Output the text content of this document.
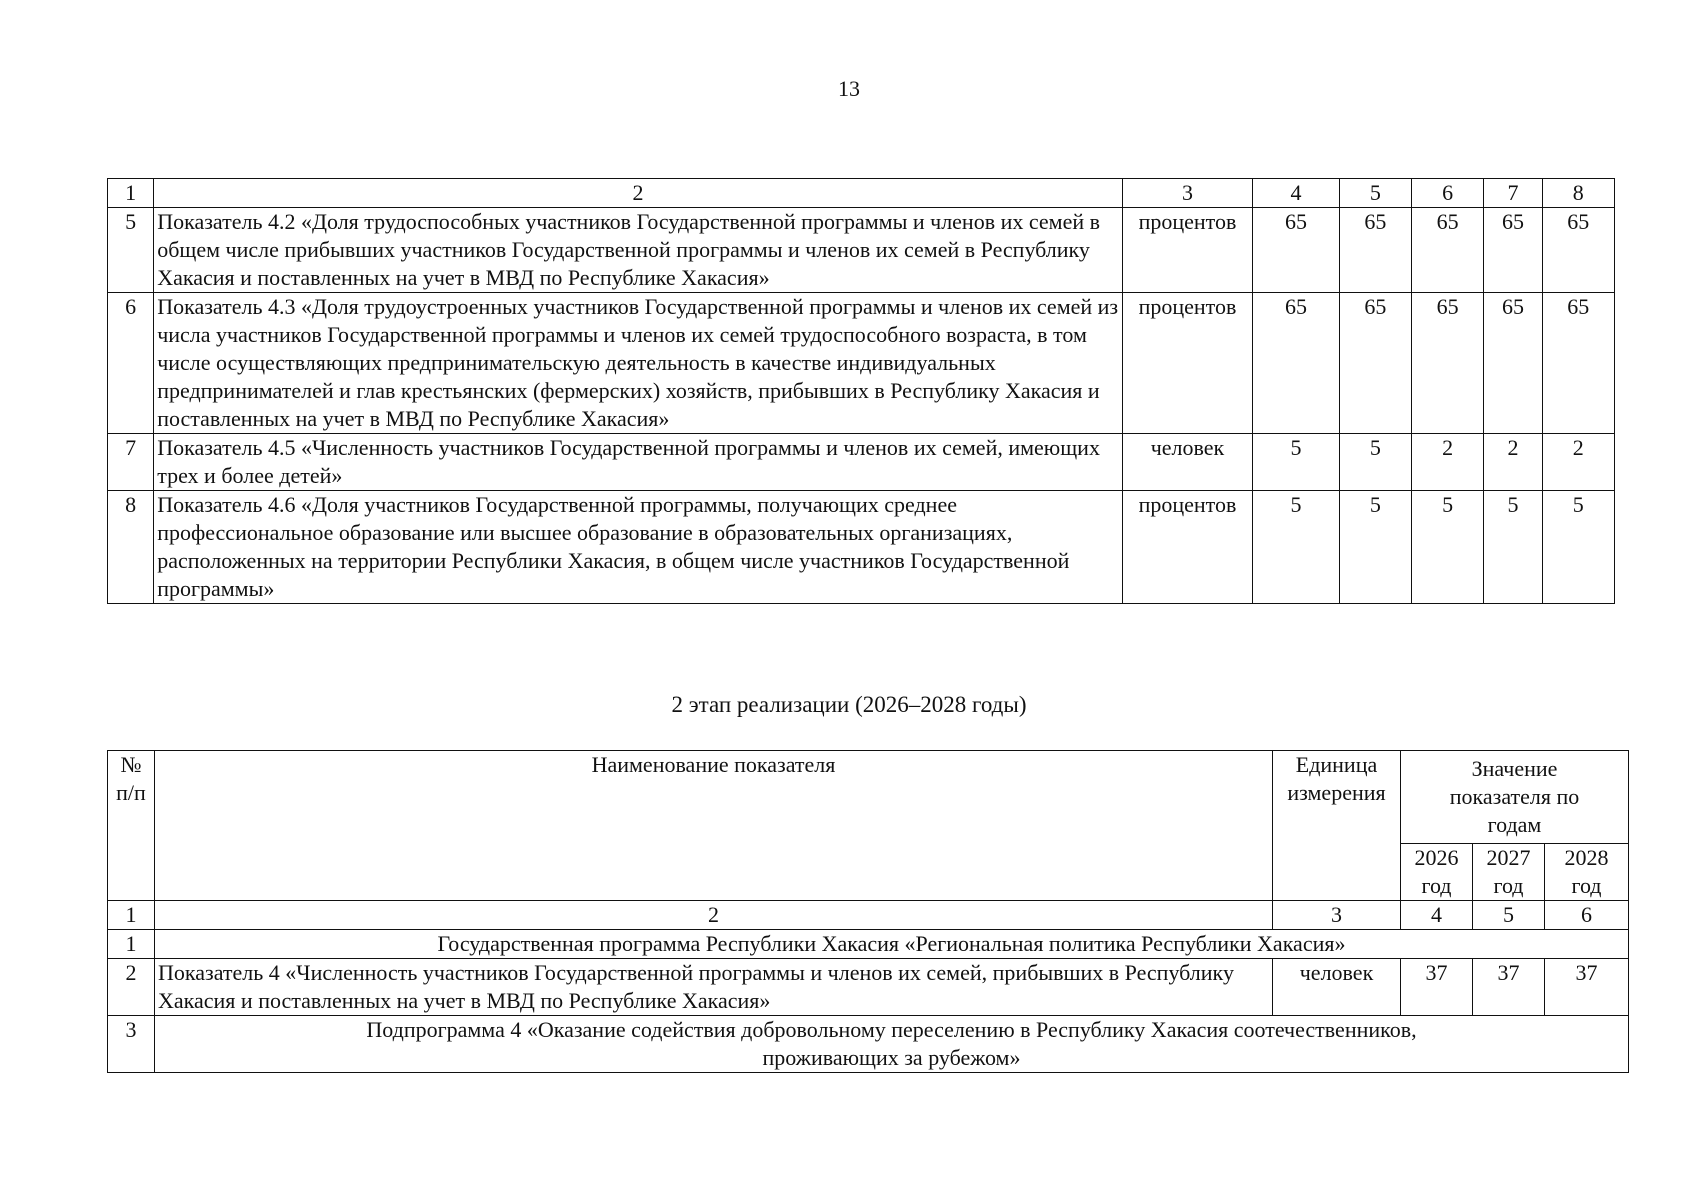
13
1	2	3	4	5	6	7	8
5	Показатель 4.2 «Доля трудоспособных участников Государственной программы и членов их семей в общем числе прибывших участников Государственной программы и членов их семей в Республику Хакасия и поставленных на учет в МВД по Республике Хакасия»	процентов	65	65	65	65	65
6	Показатель 4.3 «Доля трудоустроенных участников Государственной программы и членов их семей из числа участников Государственной программы и членов их семей трудоспособного возраста, в том числе осуществляющих предпринимательскую деятельность в качестве индивидуальных предпринимателей и глав крестьянских (фермерских) хозяйств, прибывших в Республику Хакасия и поставленных на учет в МВД по Республике Хакасия»	процентов	65	65	65	65	65
7	Показатель 4.5 «Численность участников Государственной программы и членов их семей, имеющих трех и более детей»	человек	5	5	2	2	2
8	Показатель 4.6 «Доля участников Государственной программы, получающих среднее профессиональное образование или высшее образование в образовательных организациях, расположенных на территории Республики Хакасия, в общем числе участников Государственной программы»	процентов	5	5	5	5	5
2 этап реализации (2026–2028 годы)
№ п/п	Наименование показателя	Единица измерения	Значение показателя по годам		
			2026 год	2027 год	2028 год
1	2	3	4	5	6
1	Государственная программа Республики Хакасия «Региональная политика Республики Хакасия»				
2	Показатель 4 «Численность участников Государственной программы и членов их семей, прибывших в Республику Хакасия и поставленных на учет в МВД по Республике Хакасия»	человек	37	37	37
3	Подпрограмма 4 «Оказание содействия добровольному переселению в Республику Хакасия соотечественников, проживающих за рубежом»				
